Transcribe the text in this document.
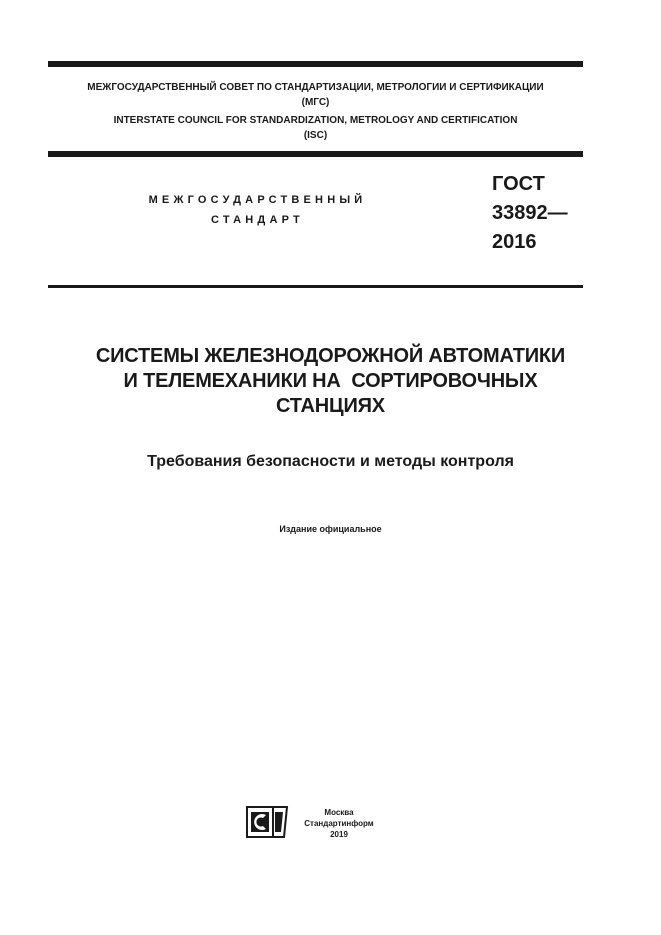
МЕЖГОСУДАРСТВЕННЫЙ СОВЕТ ПО СТАНДАРТИЗАЦИИ, МЕТРОЛОГИИ И СЕРТИФИКАЦИИ
(МГС)
INTERSTATE COUNCIL FOR STANDARDIZATION, METROLOGY AND CERTIFICATION
(ISC)
МЕЖГОСУДАРСТВЕННЫЙ
СТАНДАРТ
ГОСТ
33892—
2016
СИСТЕМЫ ЖЕЛЕЗНОДОРОЖНОЙ АВТОМАТИКИ
И ТЕЛЕМЕХАНИКИ НА  СОРТИРОВОЧНЫХ
СТАНЦИЯХ
Требования безопасности и методы контроля
Издание официальное
Москва
Стандартинформ
2019
